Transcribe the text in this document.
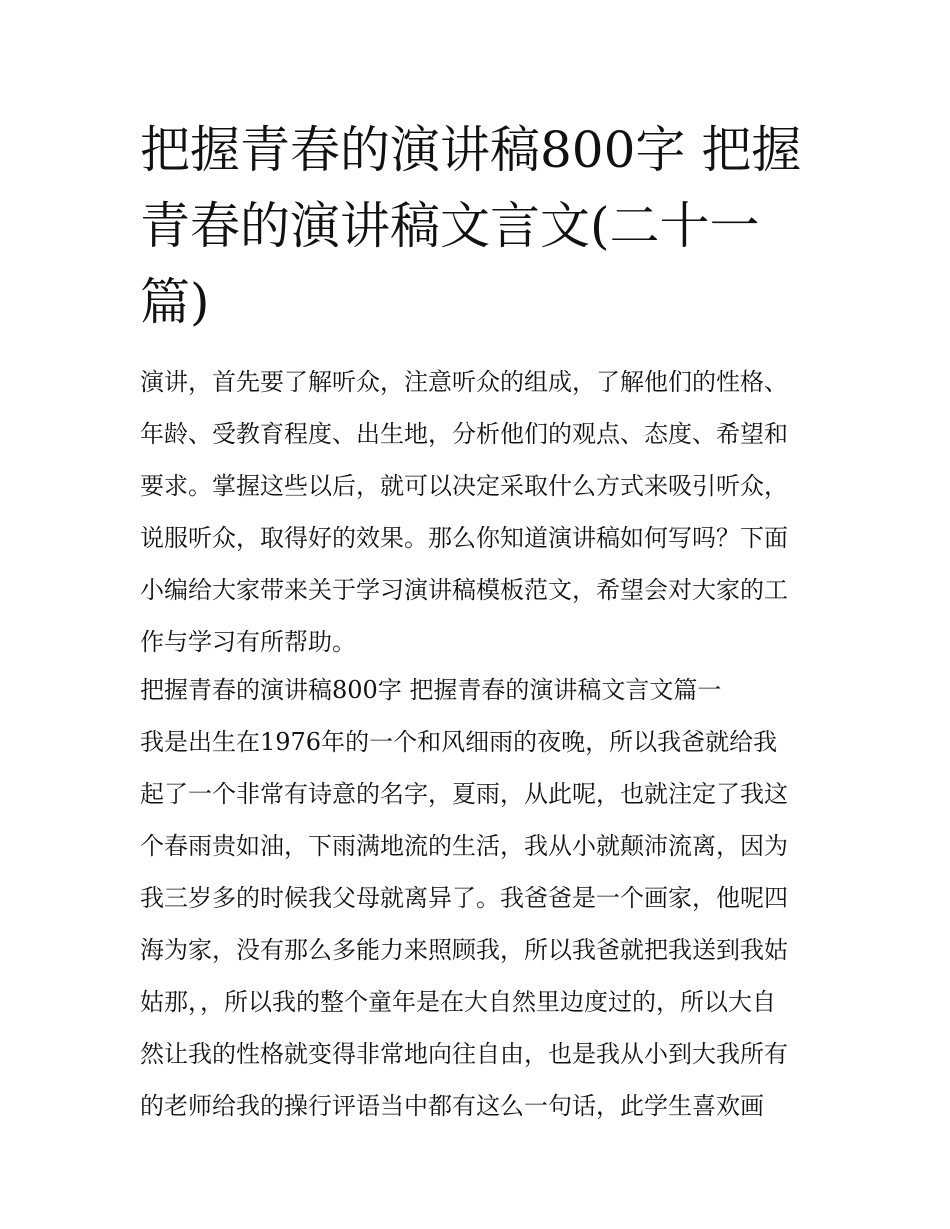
把握青春的演讲稿800字 把握
青春的演讲稿文言文(二十一
篇)
演讲，首先要了解听众，注意听众的组成，了解他们的性格、
年龄、受教育程度、出生地，分析他们的观点、态度、希望和
要求。掌握这些以后，就可以决定采取什么方式来吸引听众，
说服听众，取得好的效果。那么你知道演讲稿如何写吗？下面
小编给大家带来关于学习演讲稿模板范文，希望会对大家的工
作与学习有所帮助。
把握青春的演讲稿800字 把握青春的演讲稿文言文篇一
我是出生在1976年的一个和风细雨的夜晚，所以我爸就给我
起了一个非常有诗意的名字，夏雨，从此呢，也就注定了我这
个春雨贵如油，下雨满地流的生活，我从小就颠沛流离，因为
我三岁多的时候我父母就离异了。我爸爸是一个画家，他呢四
海为家，没有那么多能力来照顾我，所以我爸就把我送到我姑
姑那，，所以我的整个童年是在大自然里边度过的，所以大自
然让我的性格就变得非常地向往自由，也是我从小到大我所有
的老师给我的操行评语当中都有这么一句话，此学生喜欢画
